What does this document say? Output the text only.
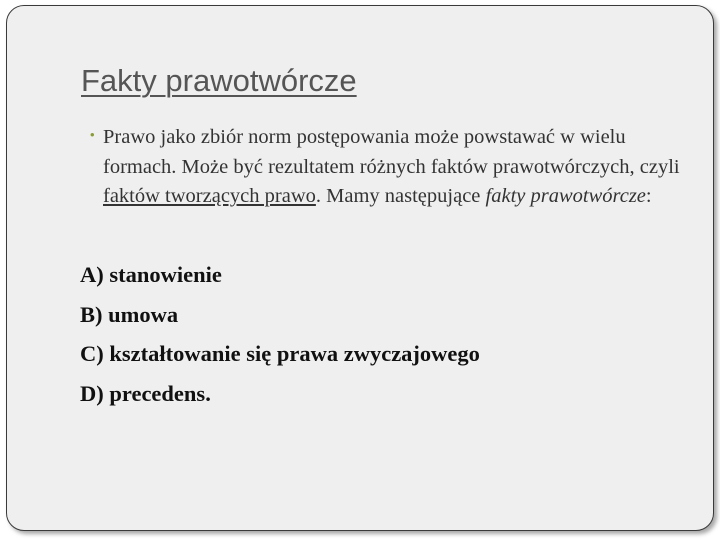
Fakty prawotwórcze
• Prawo jako zbiór norm postępowania może powstawać w wielu formach. Może być rezultatem różnych faktów prawotwórczych, czyli faktów tworzących prawo. Mamy następujące fakty prawotwórcze:

A) stanowienie
B) umowa
C) kształtowanie się prawa zwyczajowego
D) precedens.
